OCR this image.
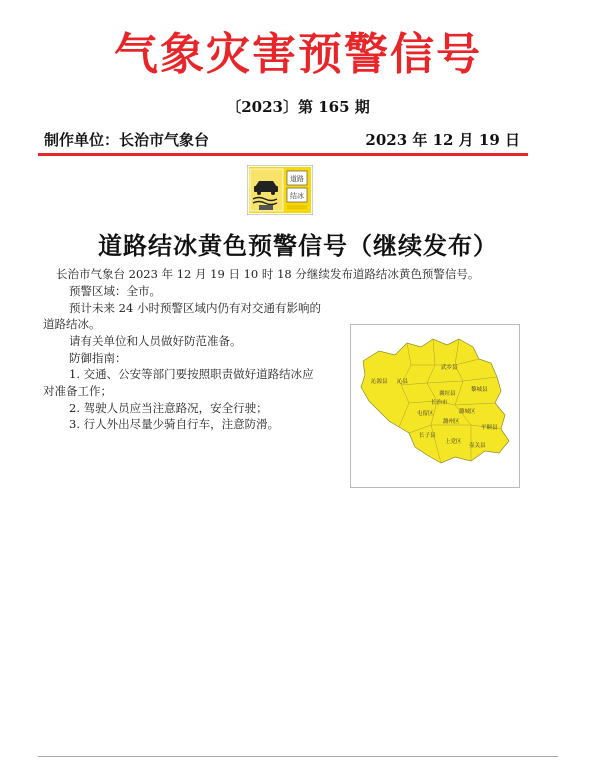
气象灾害预警信号
〔2023〕第 165 期
制作单位：长治市气象台	2023 年 12 月 19 日
道路
结冰
道路结冰黄色预警信号（继续发布）
长治市气象台 2023 年 12 月 19 日 10 时 18 分继续发布道路结冰黄色预警信号。
预警区域：全市。
预计未来 24 小时预警区域内仍有对交通有影响的
道路结冰。
请有关单位和人员做好防范准备。
防御指南：
1. 交通、公安等部门要按照职责做好道路结冰应
对准备工作；
2. 驾驶人员应当注意路况，安全行驶；
3. 行人外出尽量少骑自行车，注意防滑。
沁源县
黎城县
沁县
屯留区	潞城区
长治市
潞州区
平顺县
上党区
长子县
壶关县
襄垣县
武乡县
